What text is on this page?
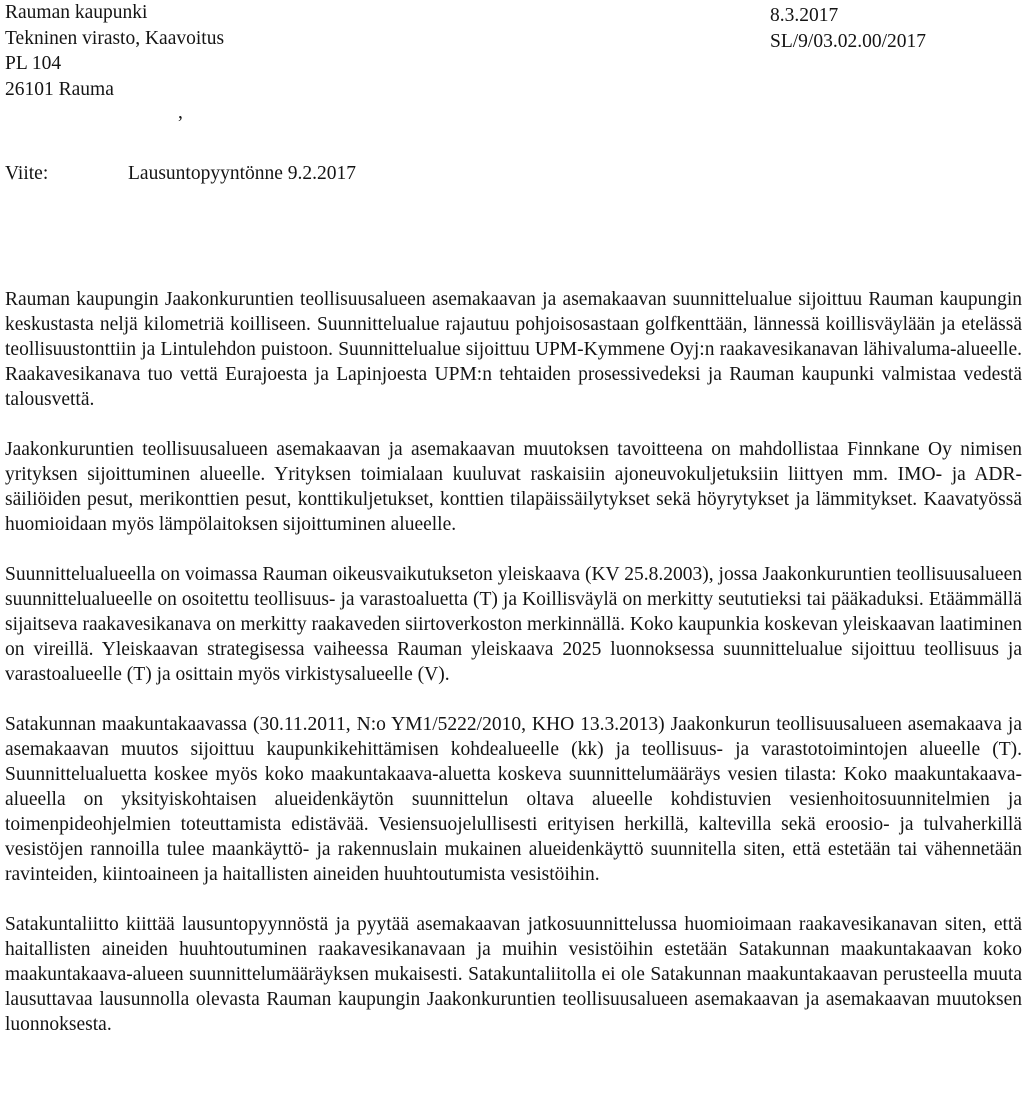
Rauman kaupunki
Tekninen virasto, Kaavoitus
PL 104
26101 Rauma
8.3.2017
SL/9/03.02.00/2017
,
Viite:	Lausuntopyyntönne 9.2.2017

Rauman kaupungin Jaakonkuruntien teollisuusalueen asemakaavan ja asemakaavan suunnittelualue sijoittuu Rauman kaupungin keskustasta neljä kilometriä koilliseen. Suunnittelualue rajautuu pohjoisosastaan golfkenttään, lännessä koillisväylään ja etelässä teollisuustonttiin ja Lintulehdon puistoon. Suunnittelualue sijoittuu UPM-Kymmene Oyj:n raakavesikanavan lähivaluma-alueelle. Raakavesikanava tuo vettä Eurajoesta ja Lapinjoesta UPM:n tehtaiden prosessivedeksi ja Rauman kaupunki valmistaa vedestä talousvettä.

Jaakonkuruntien teollisuusalueen asemakaavan ja asemakaavan muutoksen tavoitteena on mahdollistaa Finnkane Oy nimisen yrityksen sijoittuminen alueelle. Yrityksen toimialaan kuuluvat raskaisiin ajoneuvokuljetuksiin liittyen mm. IMO- ja ADR-säiliöiden pesut, merikonttien pesut, konttikuljetukset, konttien tilapäissäilytykset sekä höyrytykset ja lämmitykset. Kaavatyössä huomioidaan myös lämpölaitoksen sijoittuminen alueelle.

Suunnittelualueella on voimassa Rauman oikeusvaikutukseton yleiskaava (KV 25.8.2003), jossa Jaakonkuruntien teollisuusalueen suunnittelualueelle on osoitettu teollisuus- ja varastoaluetta (T) ja Koillisväylä on merkitty seututieksi tai pääkaduksi. Etäämmällä sijaitseva raakavesikanava on merkitty raakaveden siirtoverkoston merkinnällä. Koko kaupunkia koskevan yleiskaavan laatiminen on vireillä. Yleiskaavan strategisessa vaiheessa Rauman yleiskaava 2025 luonnoksessa suunnittelualue sijoittuu teollisuus ja varastoalueelle (T) ja osittain myös virkistysalueelle (V).

Satakunnan maakuntakaavassa (30.11.2011, N:o YM1/5222/2010, KHO 13.3.2013) Jaakonkurun teollisuusalueen asemakaava ja asemakaavan muutos sijoittuu kaupunkikehittämisen kohdealueelle (kk) ja teollisuus- ja varastotoimintojen alueelle (T). Suunnittelualuetta koskee myös koko maakuntakaava-aluetta koskeva suunnittelumääräys vesien tilasta: Koko maakuntakaava-alueella on yksityiskohtaisen alueidenkäytön suunnittelun oltava alueelle kohdistuvien vesienhoitosuunnitelmien ja toimenpideohjelmien toteuttamista edistävää. Vesiensuojelullisesti erityisen herkillä, kaltevilla sekä eroosio- ja tulvaherkillä vesistöjen rannoilla tulee maankäyttö- ja rakennuslain mukainen alueidenkäyttö suunnitella siten, että estetään tai vähennetään ravinteiden, kiintoaineen ja haitallisten aineiden huuhtoutumista vesistöihin.

Satakuntaliitto kiittää lausuntopyynnöstä ja pyytää asemakaavan jatkosuunnittelussa huomioimaan raakavesikanavan siten, että haitallisten aineiden huuhtoutuminen raakavesikanavaan ja muihin vesistöihin estetään Satakunnan maakuntakaavan koko maakuntakaava-alueen suunnittelumääräyksen mukaisesti. Satakuntaliitolla ei ole Satakunnan maakuntakaavan perusteella muuta lausuttavaa lausunnolla olevasta Rauman kaupungin Jaakonkuruntien teollisuusalueen asemakaavan ja asemakaavan muutoksen luonnoksesta.
